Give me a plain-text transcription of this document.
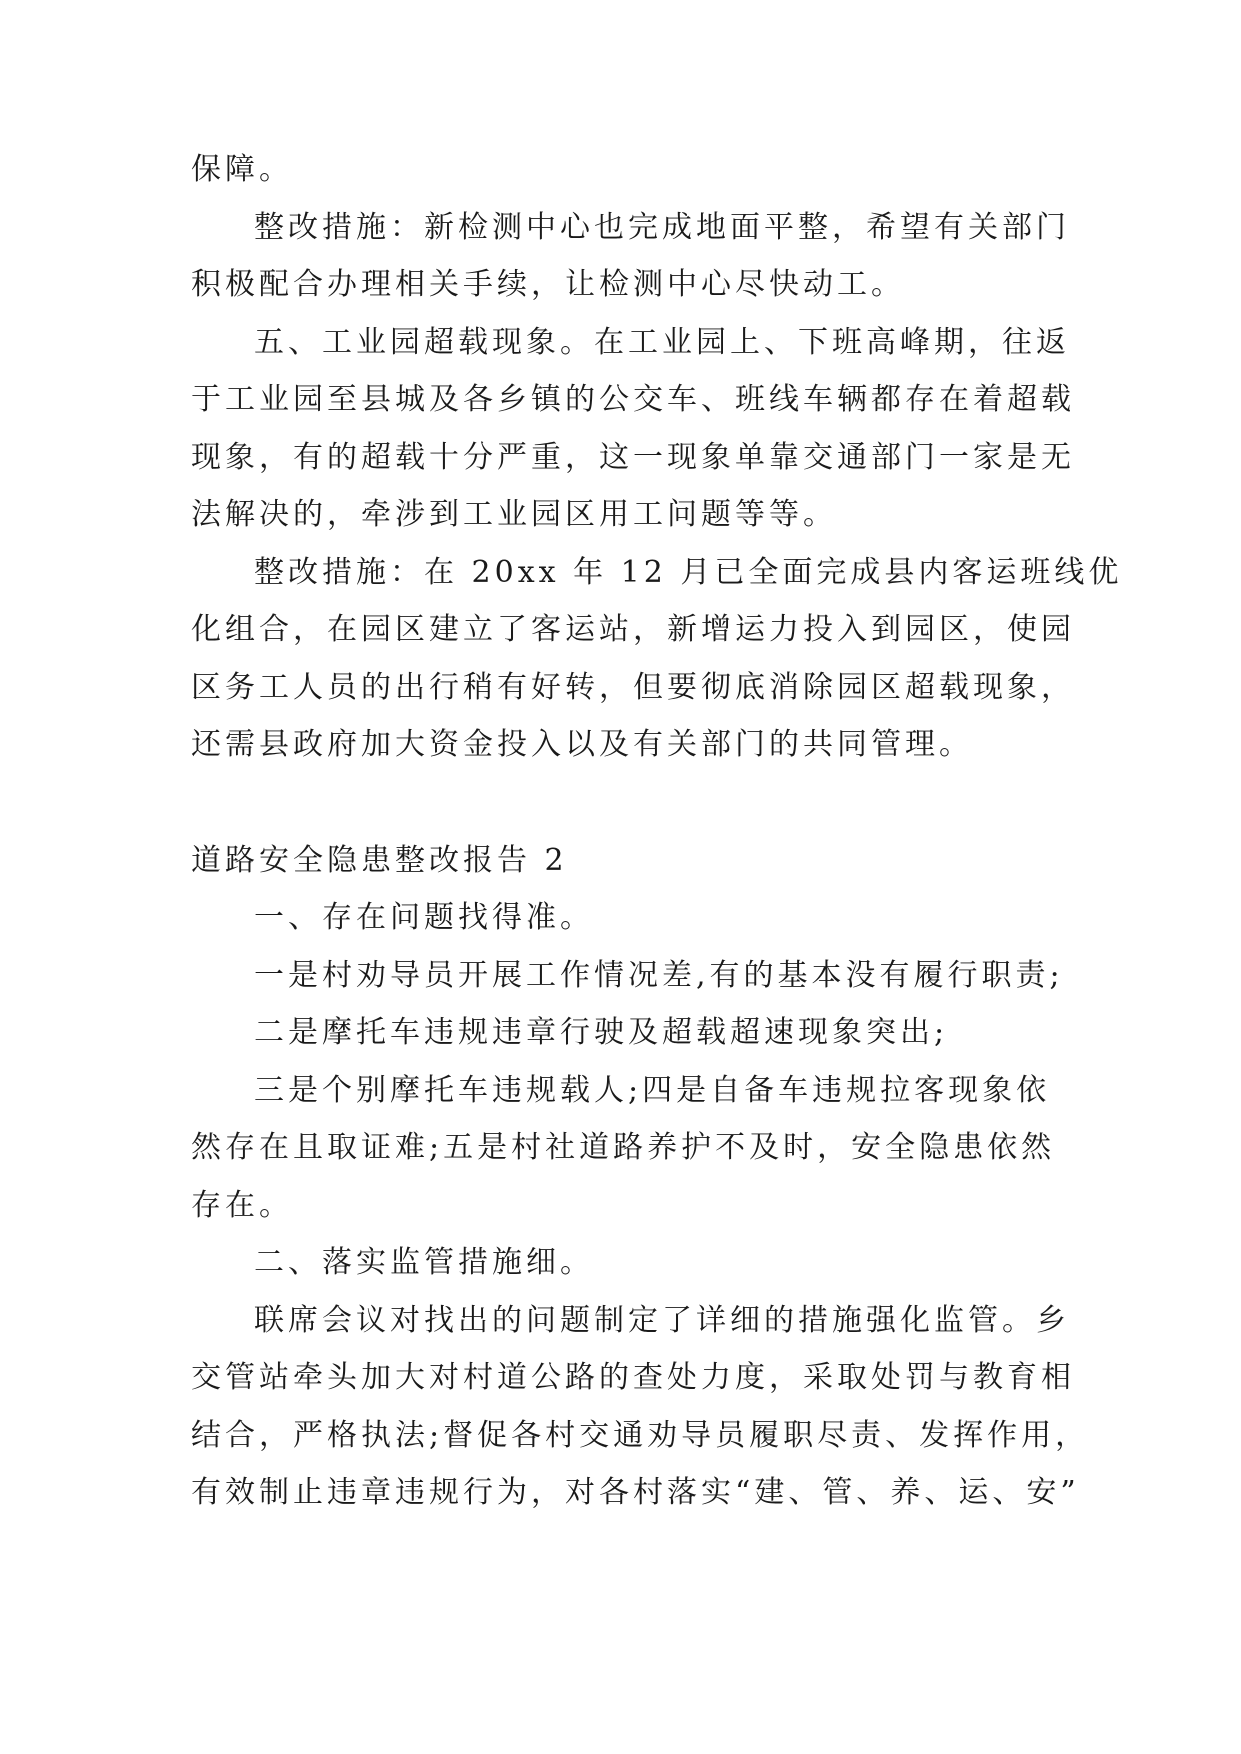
保障。
整改措施：新检测中心也完成地面平整，希望有关部门
积极配合办理相关手续，让检测中心尽快动工。
五、工业园超载现象。在工业园上、下班高峰期，往返
于工业园至县城及各乡镇的公交车、班线车辆都存在着超载
现象，有的超载十分严重，这一现象单靠交通部门一家是无
法解决的，牵涉到工业园区用工问题等等。
整改措施：在 20xx 年 12 月已全面完成县内客运班线优
化组合，在园区建立了客运站，新增运力投入到园区，使园
区务工人员的出行稍有好转，但要彻底消除园区超载现象，
还需县政府加大资金投入以及有关部门的共同管理。
道路安全隐患整改报告 2
一、存在问题找得准。
一是村劝导员开展工作情况差,有的基本没有履行职责;
二是摩托车违规违章行驶及超载超速现象突出;
三是个别摩托车违规载人;四是自备车违规拉客现象依
然存在且取证难;五是村社道路养护不及时，安全隐患依然
存在。
二、落实监管措施细。
联席会议对找出的问题制定了详细的措施强化监管。乡
交管站牵头加大对村道公路的查处力度，采取处罚与教育相
结合，严格执法;督促各村交通劝导员履职尽责、发挥作用，
有效制止违章违规行为，对各村落实“建、管、养、运、安”
